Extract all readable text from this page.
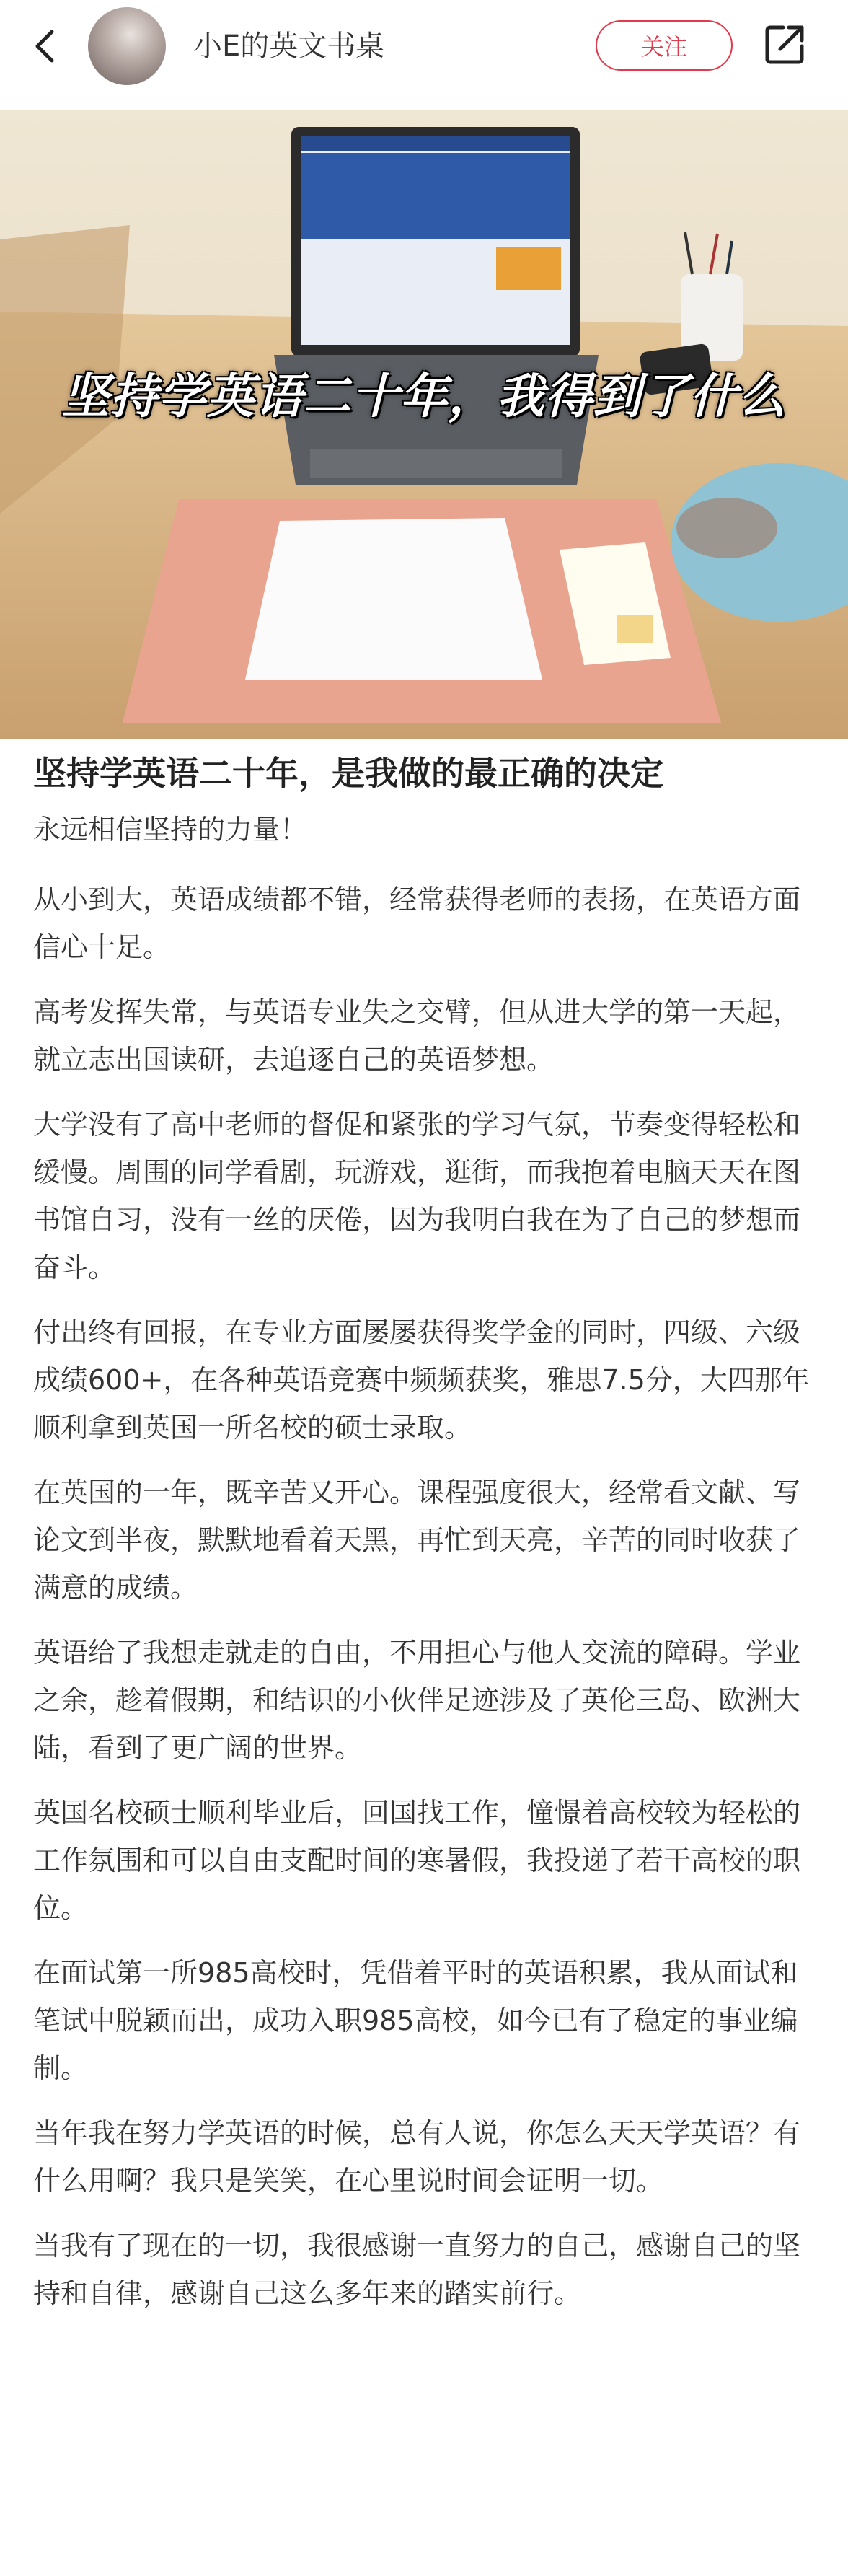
小E的英文书桌	关注
坚持学英语二十年，我得到了什么
坚持学英语二十年，是我做的最正确的决定
永远相信坚持的力量！

从小到大，英语成绩都不错，经常获得老师的表扬，在英语方面信心十足。

高考发挥失常，与英语专业失之交臂，但从进大学的第一天起，就立志出国读研，去追逐自己的英语梦想。

大学没有了高中老师的督促和紧张的学习气氛，节奏变得轻松和缓慢。周围的同学看剧，玩游戏，逛街，而我抱着电脑天天在图书馆自习，没有一丝的厌倦，因为我明白我在为了自己的梦想而奋斗。

付出终有回报，在专业方面屡屡获得奖学金的同时，四级、六级成绩600+，在各种英语竞赛中频频获奖，雅思7.5分，大四那年顺利拿到英国一所名校的硕士录取。

在英国的一年，既辛苦又开心。课程强度很大，经常看文献、写论文到半夜，默默地看着天黑，再忙到天亮，辛苦的同时收获了满意的成绩。

英语给了我想走就走的自由，不用担心与他人交流的障碍。学业之余，趁着假期，和结识的小伙伴足迹涉及了英伦三岛、欧洲大陆，看到了更广阔的世界。

英国名校硕士顺利毕业后，回国找工作，憧憬着高校较为轻松的工作氛围和可以自由支配时间的寒暑假，我投递了若干高校的职位。

在面试第一所985高校时，凭借着平时的英语积累，我从面试和笔试中脱颖而出，成功入职985高校，如今已有了稳定的事业编制。

当年我在努力学英语的时候，总有人说，你怎么天天学英语？有什么用啊？我只是笑笑，在心里说时间会证明一切。

当我有了现在的一切，我很感谢一直努力的自己，感谢自己的坚持和自律，感谢自己这么多年来的踏实前行。
